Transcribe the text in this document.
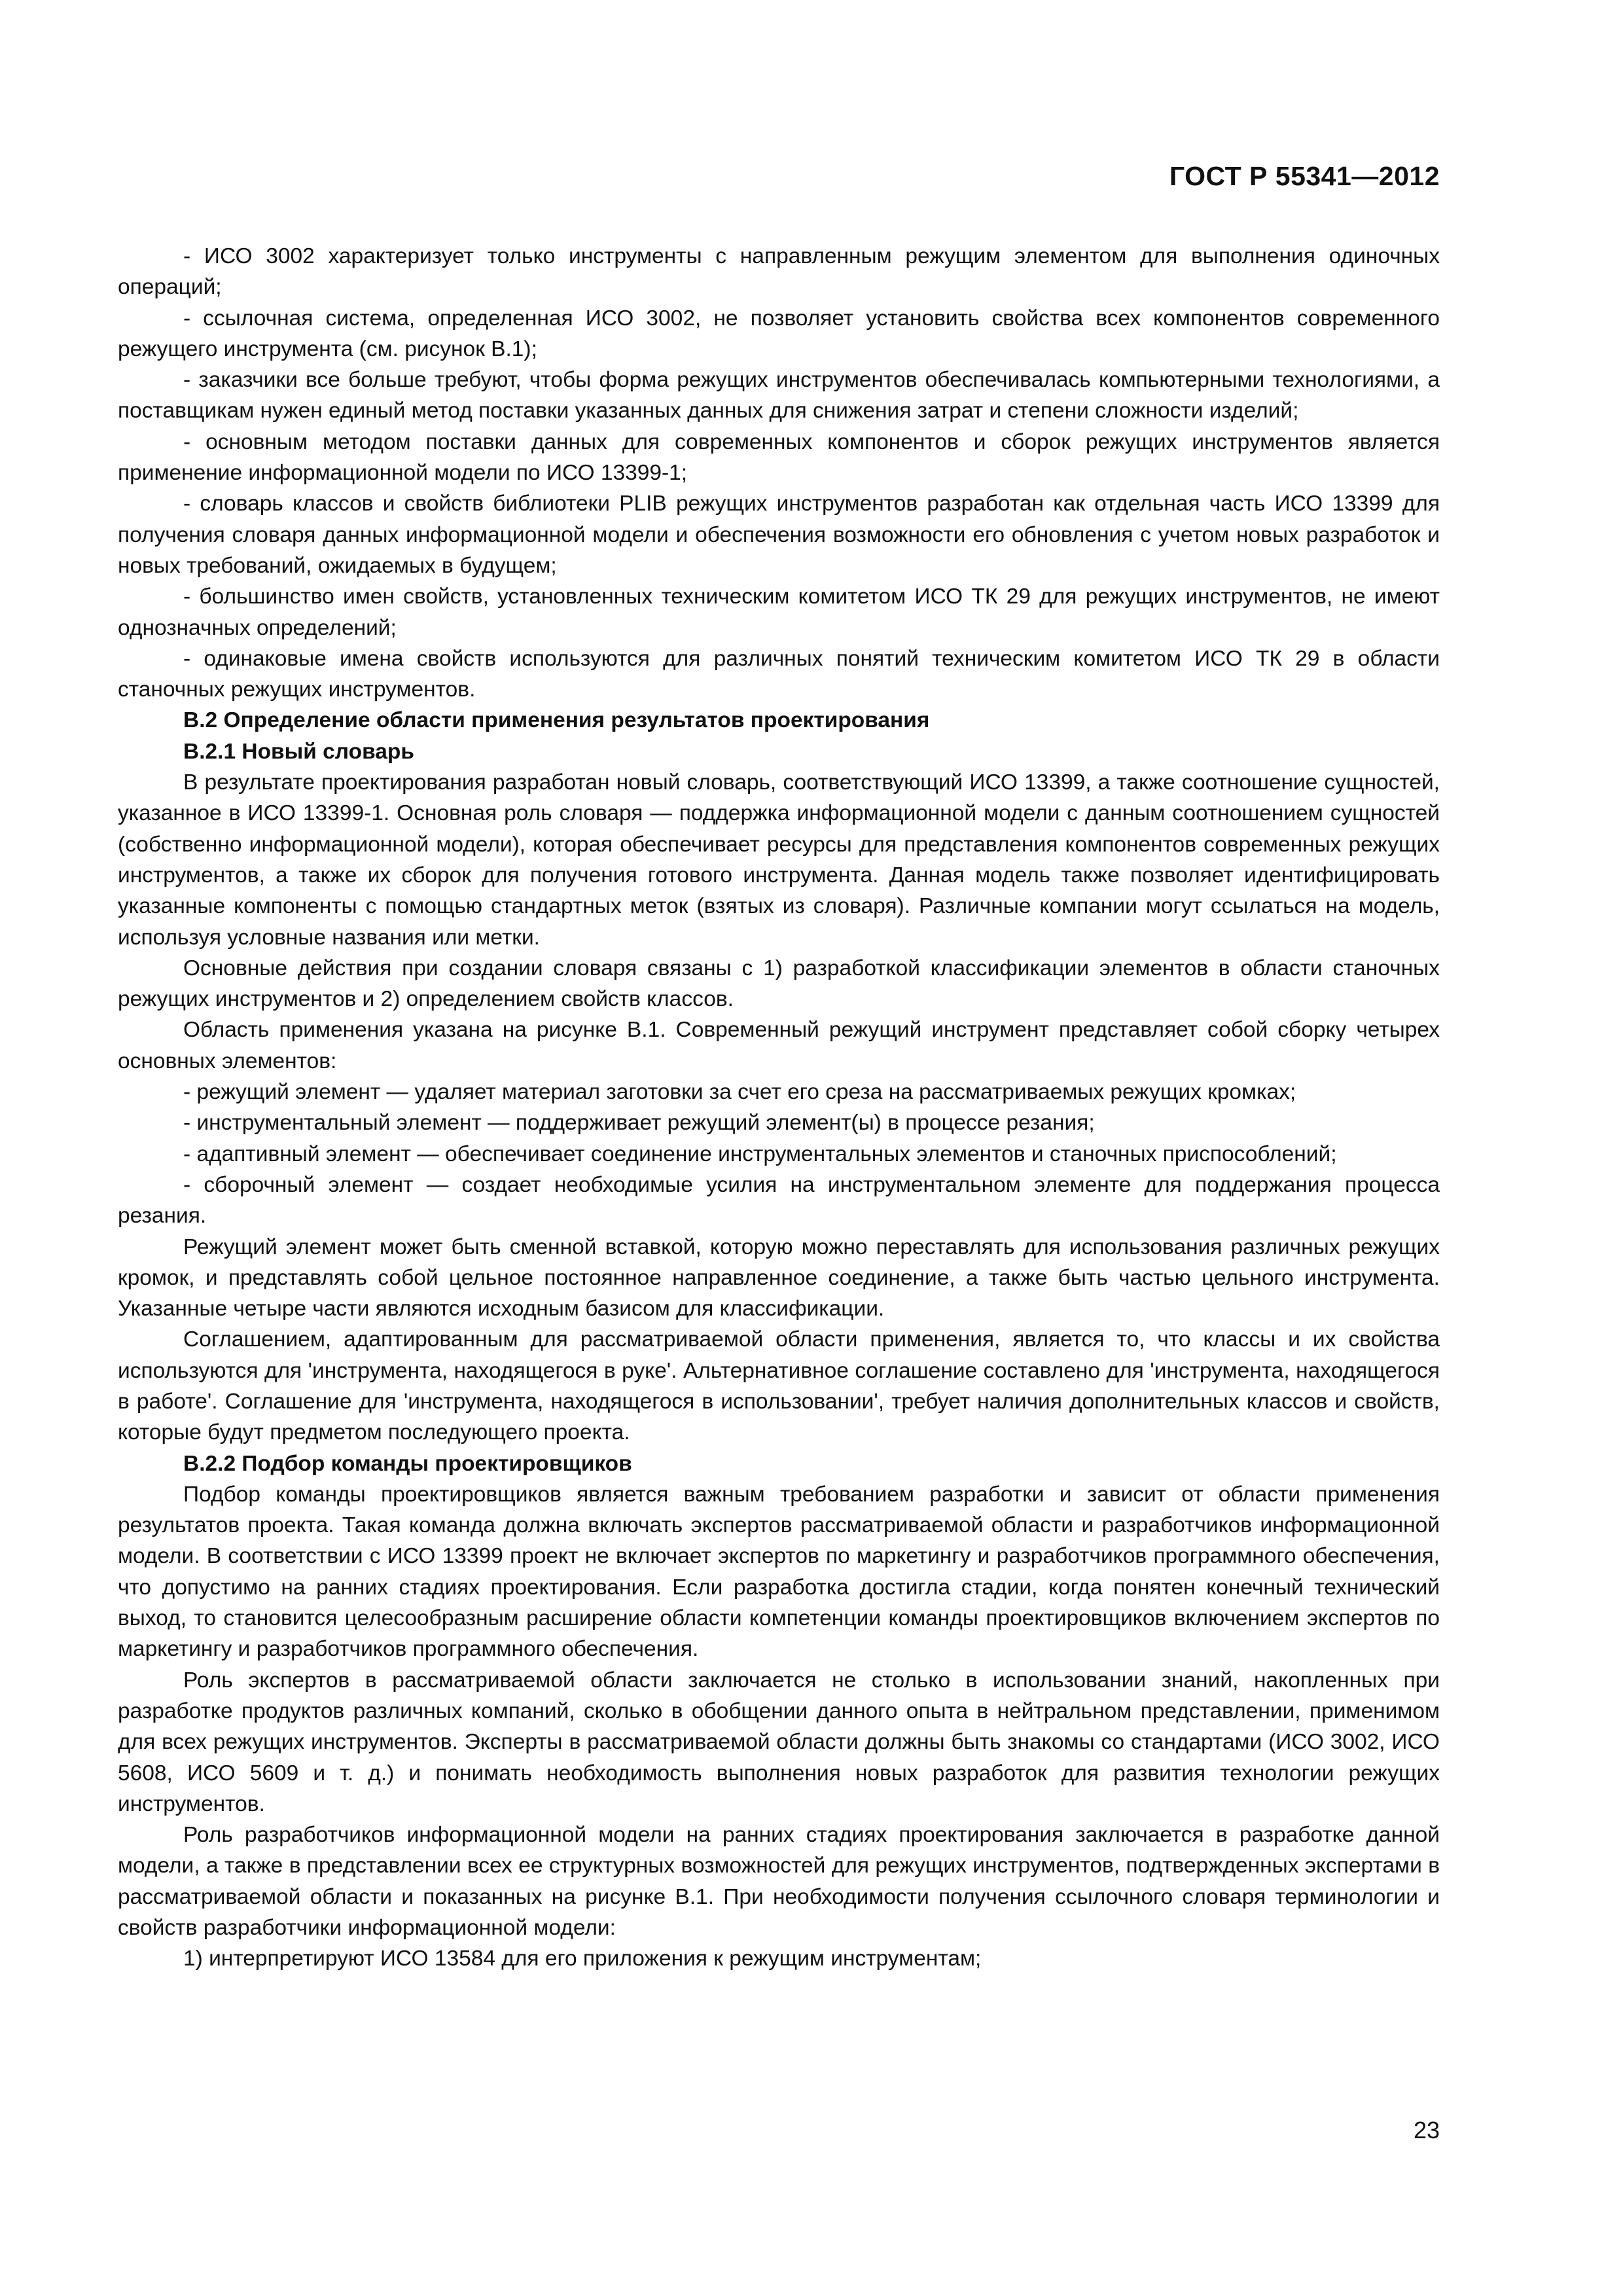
ГОСТ Р 55341—2012

- ИСО 3002 характеризует только инструменты с направленным режущим элементом для выполнения одиночных операций;

- ссылочная система, определенная ИСО 3002, не позволяет установить свойства всех компонентов современного режущего инструмента (см. рисунок В.1);

- заказчики все больше требуют, чтобы форма режущих инструментов обеспечивалась компьютерными технологиями, а поставщикам нужен единый метод поставки указанных данных для снижения затрат и степени сложности изделий;

- основным методом поставки данных для современных компонентов и сборок режущих инструментов является применение информационной модели по ИСО 13399-1;

- словарь классов и свойств библиотеки PLIB режущих инструментов разработан как отдельная часть ИСО 13399 для получения словаря данных информационной модели и обеспечения возможности его обновления с учетом новых разработок и новых требований, ожидаемых в будущем;

- большинство имен свойств, установленных техническим комитетом ИСО ТК 29 для режущих инструментов, не имеют однозначных определений;

- одинаковые имена свойств используются для различных понятий техническим комитетом ИСО ТК 29 в области станочных режущих инструментов.

В.2 Определение области применения результатов проектирования
В.2.1 Новый словарь

В результате проектирования разработан новый словарь, соответствующий ИСО 13399, а также соотношение сущностей, указанное в ИСО 13399-1. Основная роль словаря — поддержка информационной модели с данным соотношением сущностей (собственно информационной модели), которая обеспечивает ресурсы для представления компонентов современных режущих инструментов, а также их сборок для получения готового инструмента. Данная модель также позволяет идентифицировать указанные компоненты с помощью стандартных меток (взятых из словаря). Различные компании могут ссылаться на модель, используя условные названия или метки.

Основные действия при создании словаря связаны с 1) разработкой классификации элементов в области станочных режущих инструментов и 2) определением свойств классов.

Область применения указана на рисунке В.1. Современный режущий инструмент представляет собой сборку четырех основных элементов:

- режущий элемент — удаляет материал заготовки за счет его среза на рассматриваемых режущих кромках;

- инструментальный элемент — поддерживает режущий элемент(ы) в процессе резания;

- адаптивный элемент — обеспечивает соединение инструментальных элементов и станочных приспособлений;

- сборочный элемент — создает необходимые усилия на инструментальном элементе для поддержания процесса резания.

Режущий элемент может быть сменной вставкой, которую можно переставлять для использования различных режущих кромок, и представлять собой цельное постоянное направленное соединение, а также быть частью цельного инструмента. Указанные четыре части являются исходным базисом для классификации.

Соглашением, адаптированным для рассматриваемой области применения, является то, что классы и их свойства используются для 'инструмента, находящегося в руке'. Альтернативное соглашение составлено для 'инструмента, находящегося в работе'. Соглашение для 'инструмента, находящегося в использовании', требует наличия дополнительных классов и свойств, которые будут предметом последующего проекта.

В.2.2 Подбор команды проектировщиков

Подбор команды проектировщиков является важным требованием разработки и зависит от области применения результатов проекта. Такая команда должна включать экспертов рассматриваемой области и разработчиков информационной модели. В соответствии с ИСО 13399 проект не включает экспертов по маркетингу и разработчиков программного обеспечения, что допустимо на ранних стадиях проектирования. Если разработка достигла стадии, когда понятен конечный технический выход, то становится целесообразным расширение области компетенции команды проектировщиков включением экспертов по маркетингу и разработчиков программного обеспечения.

Роль экспертов в рассматриваемой области заключается не столько в использовании знаний, накопленных при разработке продуктов различных компаний, сколько в обобщении данного опыта в нейтральном представлении, применимом для всех режущих инструментов. Эксперты в рассматриваемой области должны быть знакомы со стандартами (ИСО 3002, ИСО 5608, ИСО 5609 и т. д.) и понимать необходимость выполнения новых разработок для развития технологии режущих инструментов.

Роль разработчиков информационной модели на ранних стадиях проектирования заключается в разработке данной модели, а также в представлении всех ее структурных возможностей для режущих инструментов, подтвержденных экспертами в рассматриваемой области и показанных на рисунке В.1. При необходимости получения ссылочного словаря терминологии и свойств разработчики информационной модели:

1) интерпретируют ИСО 13584 для его приложения к режущим инструментам;

23
